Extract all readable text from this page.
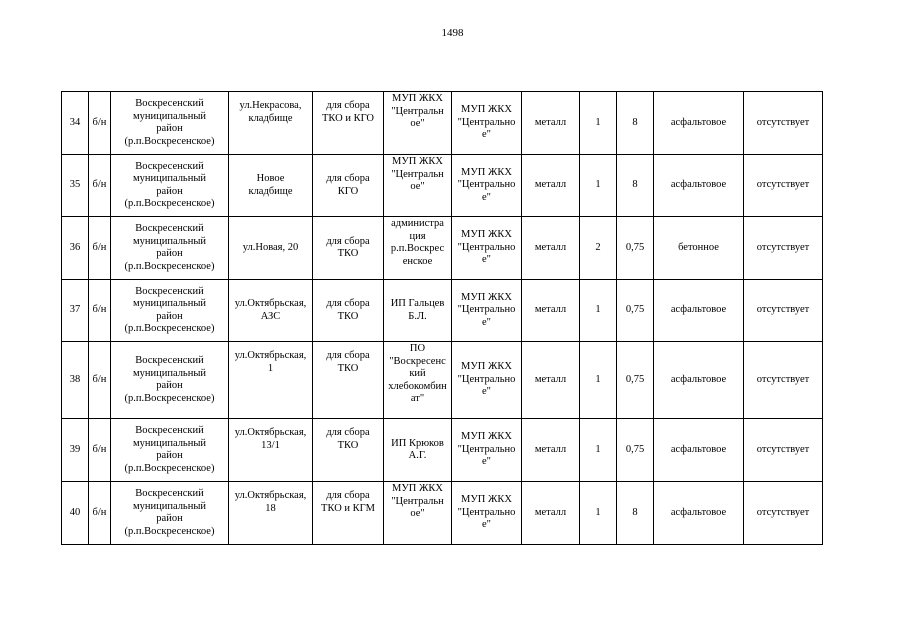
1498
34	б/н	Воскресенский
муниципальный
район
(р.п.Воскресенское)	ул.Некрасова,
кладбище	для сбора
ТКО и КГО	МУП ЖКХ
"Центральн
ое"	МУП ЖКХ
"Центрально
е"	металл	1	8	асфальтовое	отсутствует
35	б/н	Воскресенский
муниципальный
район
(р.п.Воскресенское)	Новое
кладбище	для сбора
КГО	МУП ЖКХ
"Центральн
ое"	МУП ЖКХ
"Центрально
е"	металл	1	8	асфальтовое	отсутствует
36	б/н	Воскресенский
муниципальный
район
(р.п.Воскресенское)	ул.Новая, 20	для сбора
ТКО	администра
ция
р.п.Воскрес
енское	МУП ЖКХ
"Центрально
е"	металл	2	0,75	бетонное	отсутствует
37	б/н	Воскресенский
муниципальный
район
(р.п.Воскресенское)	ул.Октябрьская,
АЗС	для сбора
ТКО	ИП Гальцев
Б.Л.	МУП ЖКХ
"Центрально
е"	металл	1	0,75	асфальтовое	отсутствует
38	б/н	Воскресенский
муниципальный
район
(р.п.Воскресенское)	ул.Октябрьская,
1	для сбора
ТКО	ПО
"Воскресенс
кий
хлебокомбин
ат"	МУП ЖКХ
"Центрально
е"	металл	1	0,75	асфальтовое	отсутствует
39	б/н	Воскресенский
муниципальный
район
(р.п.Воскресенское)	ул.Октябрьская,
13/1	для сбора
ТКО	ИП Крюков
А.Г.	МУП ЖКХ
"Центрально
е"	металл	1	0,75	асфальтовое	отсутствует
40	б/н	Воскресенский
муниципальный
район
(р.п.Воскресенское)	ул.Октябрьская,
18	для сбора
ТКО и КГМ	МУП ЖКХ
"Центральн
ое"	МУП ЖКХ
"Центрально
е"	металл	1	8	асфальтовое	отсутствует
